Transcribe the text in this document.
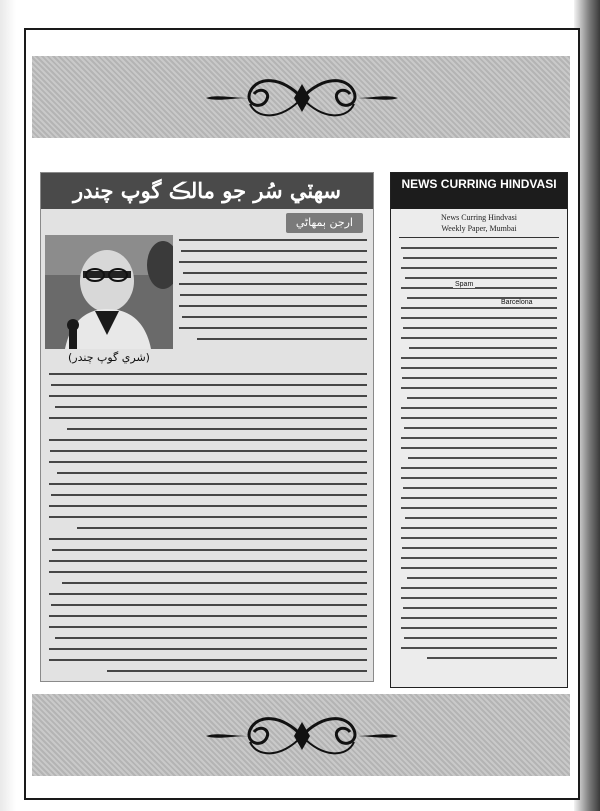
سھٽي سُر جو مالڪ گوپ چندر
ارجن ٻمهاڻي
(شري گوپ چندر)
NEWS CURRING HINDVASI
News Curring Hindvasi
Weekly Paper, Mumbai
Spam
Barcelona
